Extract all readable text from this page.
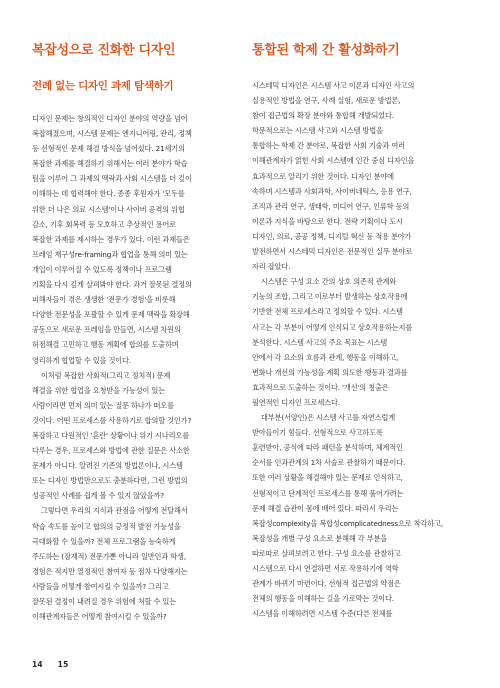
복잡성으로 진화한 디자인
전례 없는 디자인 과제 탐색하기

디자인 문제는 창의적인 디자인 분야의 역량을 넘어
복잡해졌으며, 시스템 문제는 엔지니어링, 관리, 정책
등 선형적인 문제 해결 방식을 넘어섰다. 21세기의
복잡한 과제를 해결하기 위해서는 여러 분야가 학습
팀을 이루어 그 과제의 맥락과 사회 시스템을 더 깊이
이해하는 데 협력해야 한다. 종종 후원자가 '모두를
위한 더 나은 의료 시스템'이나 사이버 공격의 위협
감소, 기후 회복력 등 모호하고 추상적인 용어로
복잡한 과제를 제시하는 경우가 있다. 이런 과제들은
프레임 재구성re-framing과 협업을 통해 의미 있는
개입이 이루어질 수 있도록 정책이나 프로그램
기획을 다시 깊게 살펴봐야 한다. 과거 잘못된 결정의
피해자들이 겪은 생생한 '전문가 경험'을 비롯해
다양한 전문성을 포괄할 수 있게 문제 맥락을 확장해
공동으로 새로운 프레임을 만들면, 시스템 차원의
허점해결 고민하고 행동 계획에 합의를 도출하며
영리하게 협업할 수 있을 것이다.
이처럼 복잡한 사회적(그리고 정치적) 문제
해결을 위한 협업을 요청받을 가능성이 있는
사람이라면 먼저 의미 있는 질문 하나가 떠오를
것이다. 어떤 프로세스를 사용하기로 합의할 것인가?
복잡하고 다원적인 '혼란' 상황이나 위기 시나리오를
다루는 경우, 프로세스와 방법에 관한 질문은 사소한
문제가 아니다. 알려진 기존의 방법론이나, 시스템
또는 디자인 방법만으로도 충분하다면, 그런 방법의
성공적인 사례를 쉽게 볼 수 있지 않았을까?
그렇다면 우리의 지식과 관점을 어떻게 전달해서
학습 속도를 높이고 협의의 긍정적 발전 가능성을
극대화할 수 있을까? 전체 프로그램을 능숙하게
주도하는 (잠재적) 전문가뿐 아니라 일반인과 학생,
경험은 적지만 열정적인 참여자 등 점차 다양해지는
사람들을 어떻게 참여시킬 수 있을까? 그리고
잘못된 결정이 내려질 경우 위험에 처할 수 있는
이해관계자들은 어떻게 참여시킬 수 있을까?

통합된 학제 간 활성화하기

시스테믹 디자인은 시스템 사고 이론과 디자인 사고의
실용적인 방법을 연구, 사례 실험, 새로운 방법론,
참여 접근법의 확장 분야와 통합해 개발되었다.
학문적으로는 시스템 사고와 시스템 방법을
통합하는 학제 간 분야로, 복잡한 사회 기술과 여러
이해관계자가 얽힌 사회 시스템에 인간 중심 디자인을
효과적으로 알리기 위한 것이다. 디자인 분야에
속하며 시스템과 사회과학, 사이버네틱스, 응용 연구,
조직과 관리 연구, 생태학, 미디어 연구, 인류학 등의
이론과 지식을 바탕으로 한다. 전략 기획이나 도시
디자인, 의료, 공공 정책, 디지털 혁신 등 적용 분야가
발전하면서 시스테믹 디자인은 전문적인 실무 분야로
자리 잡았다.
시스템은 구성 요소 간의 상호 의존적 관계와
기능의 조합, 그리고 이로부터 발생하는 상호작용에
기반한 전체 프로세스라고 정의할 수 있다. 시스템
사고는 각 부분이 어떻게 인식되고 상호작용하는지를
분석한다. 시스템 사고의 주요 목표는 시스템
안에서 각 요소의 흐름과 관계, 행동을 이해하고,
변화나 개선의 가능성을 계획 의도한 행동과 결과를
효과적으로 도출하는 것이다. '개선'의 칭출은
필연적인 디자인 프로세스다.
대부분(서양인)은 시스템 사고를 자연스럽게
받아들이기 힘들다. 선형적으로 사고하도록
훈련받아, 공식에 따라 패턴을 분석하며, 체계적인
순서를 인과관계의 1차 사슬로 관찰하기 때문이다.
또한 여러 상황을 해결해야 있는 문제로 인식하고,
선형적이고 단계적인 프로세스를 통해 풀어가려는
문제 해결 습관이 몸에 배어 있다. 따라서 우리는
복잡성complexity을 복합성complicatedness으로 착각하고,
복잡성을 개별 구성 요소로 분해해 각 부분을
따로따로 살펴보려고 한다. 구성 요소를 관찰하고
시스템으로 다시 연결하면 서로 작용하기에 역학
관계가 바뀌기 마련이다. 선형적 접근법의 약점은
전체의 행동을 이해하는 길을 가로막는 것이다.
시스템을 이해하려면 시스템 수준(다른 전체를

14 15
